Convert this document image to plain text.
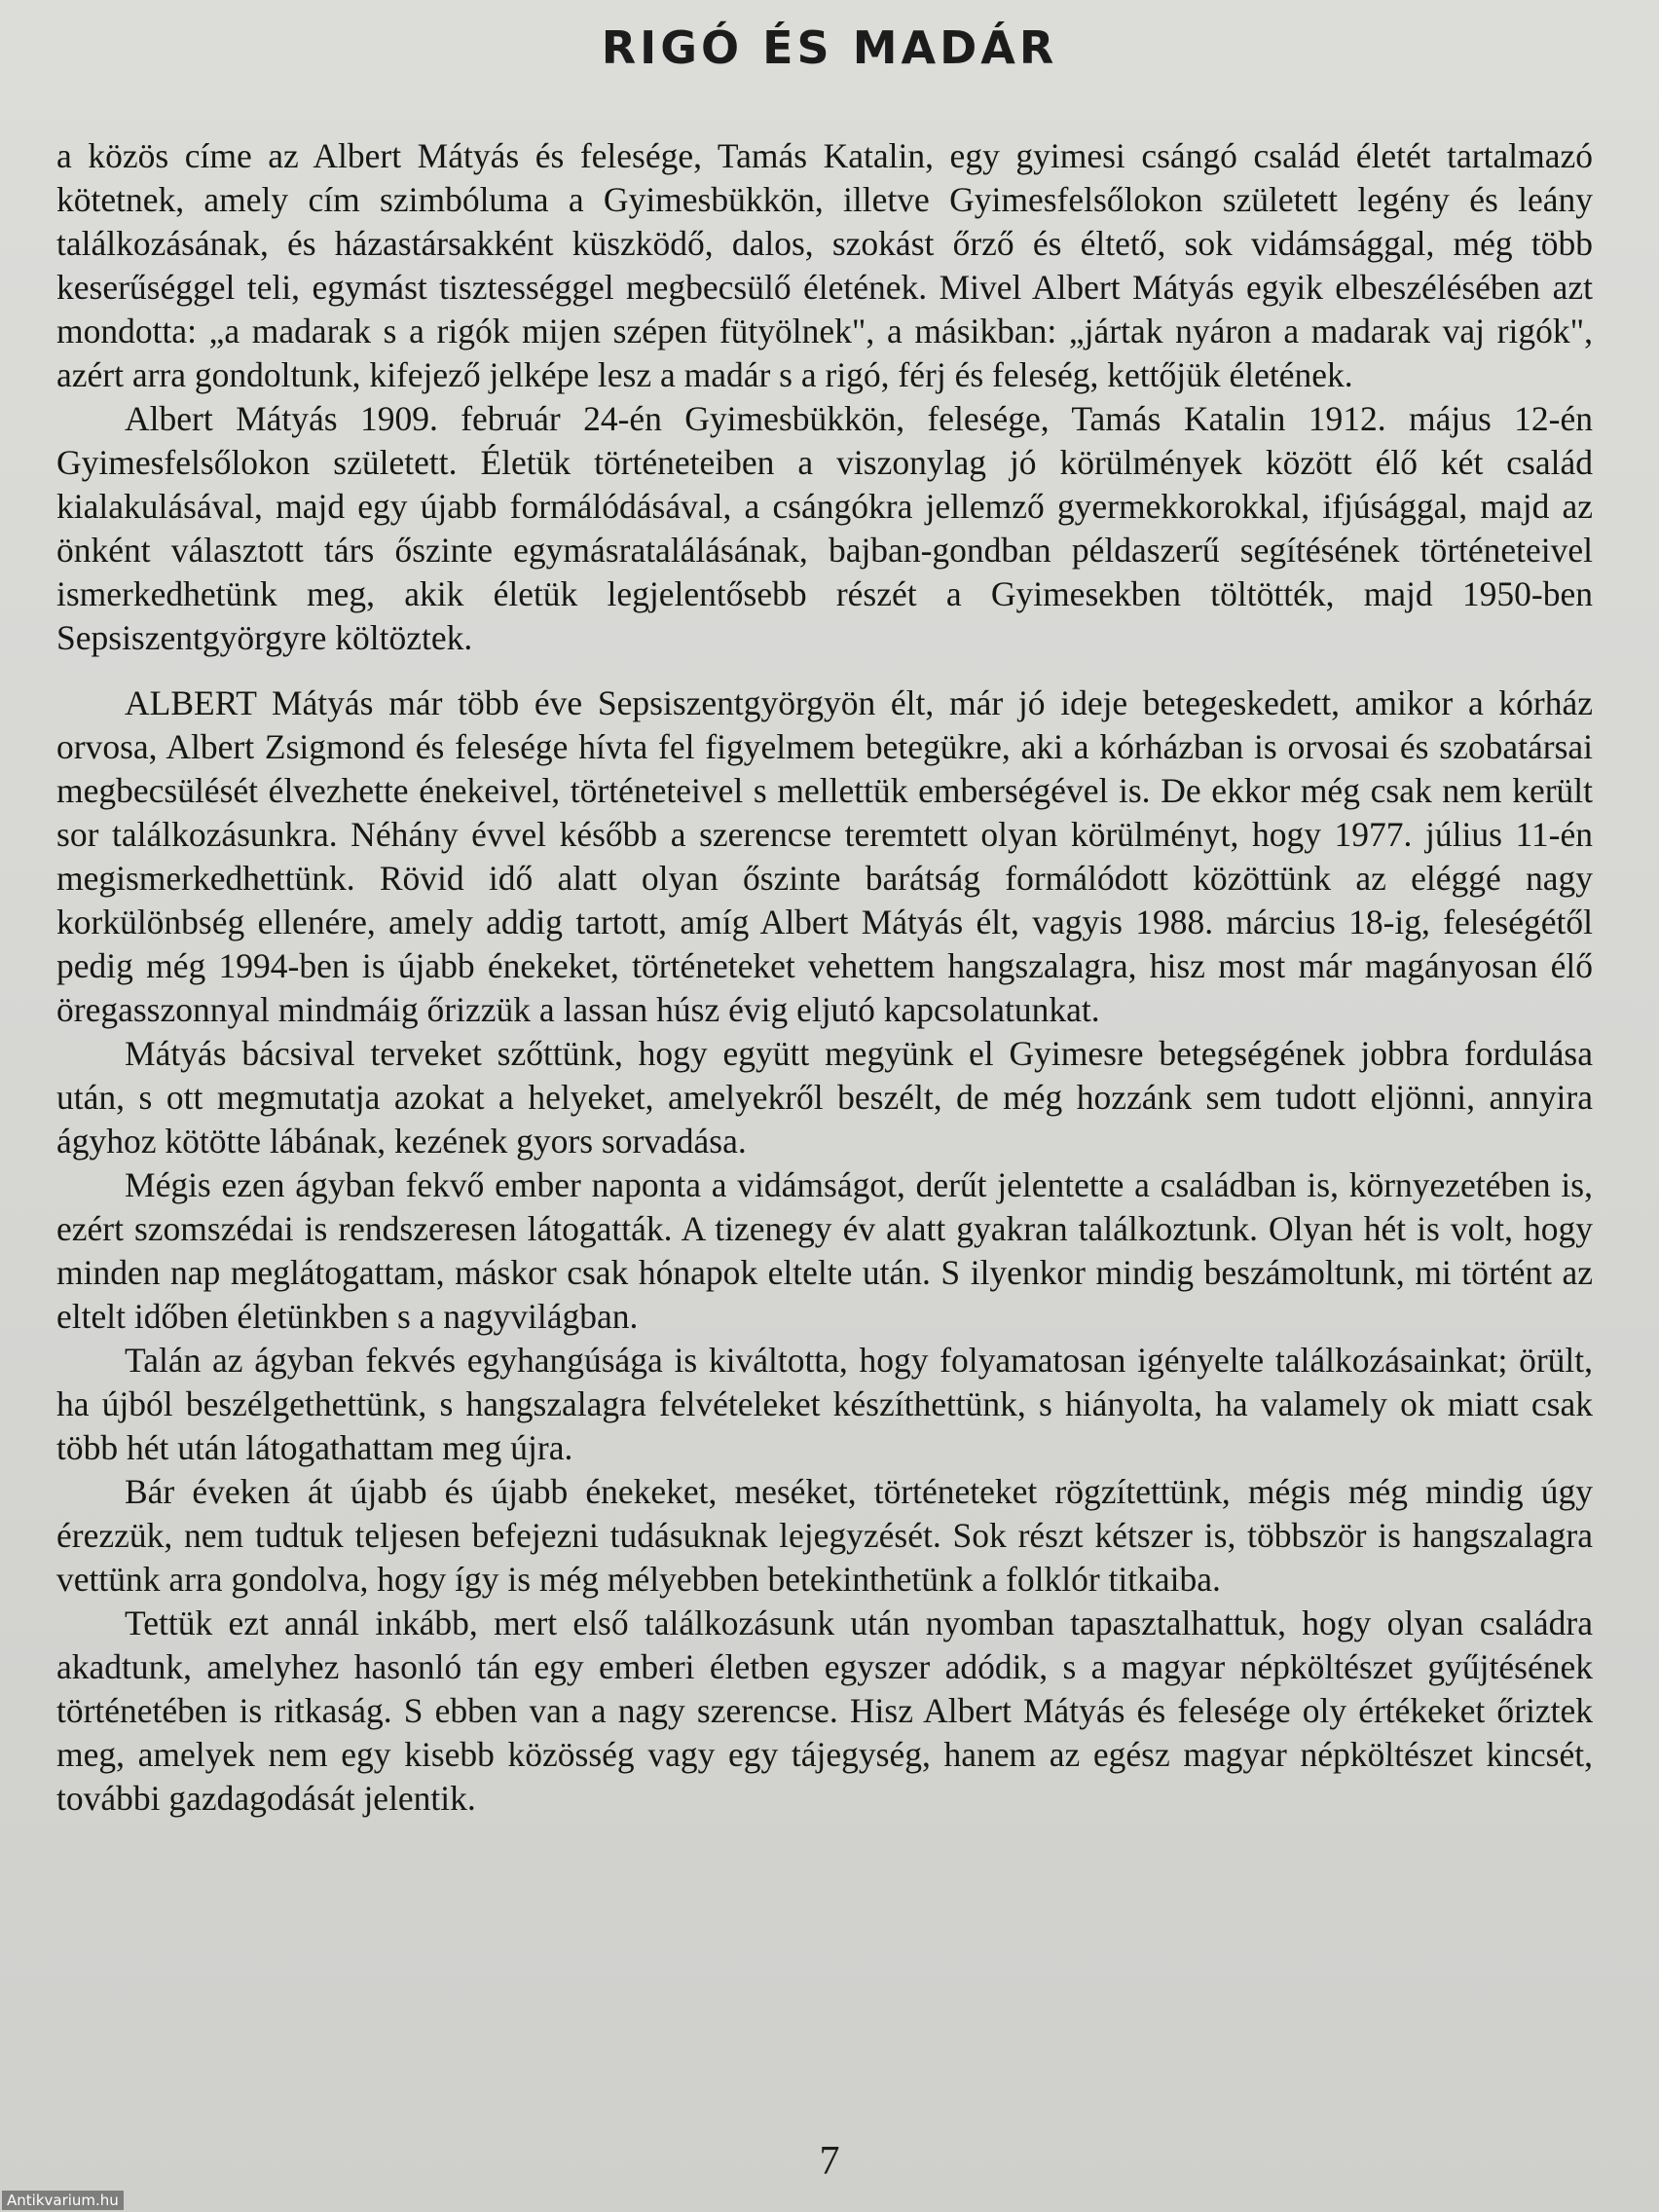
RIGÓ ÉS MADÁR

a közös címe az Albert Mátyás és felesége, Tamás Katalin, egy gyimesi csángó család életét tartalmazó kötetnek, amely cím szimbóluma a Gyimesbükkön, illetve Gyimesfelsőlokon született legény és leány találkozásának, és házastársakként küszködő, dalos, szokást őrző és éltető, sok vidámsággal, még több keserűséggel teli, egymást tisztességgel megbecsülő életének. Mivel Albert Mátyás egyik elbeszélésében azt mondotta: „a madarak s a rigók mijen szépen fütyölnek", a másikban: „jártak nyáron a madarak vaj rigók", azért arra gondoltunk, kifejező jelképe lesz a madár s a rigó, férj és feleség, kettőjük életének.

Albert Mátyás 1909. február 24-én Gyimesbükkön, felesége, Tamás Katalin 1912. május 12-én Gyimesfelsőlokon született. Életük történeteiben a viszonylag jó körülmények között élő két család kialakulásával, majd egy újabb formálódásával, a csángókra jellemző gyermekkorokkal, ifjúsággal, majd az önként választott társ őszinte egymásratalálásának, bajban-gondban példaszerű segítésének történeteivel ismerkedhetünk meg, akik életük legjelentősebb részét a Gyimesekben töltötték, majd 1950-ben Sepsiszentgyörgyre költöztek.

ALBERT Mátyás már több éve Sepsiszentgyörgyön élt, már jó ideje betegeskedett, amikor a kórház orvosa, Albert Zsigmond és felesége hívta fel figyelmem betegükre, aki a kórházban is orvosai és szobatársai megbecsülését élvezhette énekeivel, történeteivel s mellettük emberségével is. De ekkor még csak nem került sor találkozásunkra. Néhány évvel később a szerencse teremtett olyan körülményt, hogy 1977. július 11-én megismerkedhettünk. Rövid idő alatt olyan őszinte barátság formálódott közöttünk az eléggé nagy korkülönbség ellenére, amely addig tartott, amíg Albert Mátyás élt, vagyis 1988. március 18-ig, feleségétől pedig még 1994-ben is újabb énekeket, történeteket vehettem hangszalagra, hisz most már magányosan élő öregasszonnyal mindmáig őrizzük a lassan húsz évig eljutó kapcsolatunkat.

Mátyás bácsival terveket szőttünk, hogy együtt megyünk el Gyimesre betegségének jobbra fordulása után, s ott megmutatja azokat a helyeket, amelyekről beszélt, de még hozzánk sem tudott eljönni, annyira ágyhoz kötötte lábának, kezének gyors sorvadása.

Mégis ezen ágyban fekvő ember naponta a vidámságot, derűt jelentette a családban is, környezetében is, ezért szomszédai is rendszeresen látogatták. A tizenegy év alatt gyakran találkoztunk. Olyan hét is volt, hogy minden nap meglátogattam, máskor csak hónapok eltelte után. S ilyenkor mindig beszámoltunk, mi történt az eltelt időben életünkben s a nagyvilágban.

Talán az ágyban fekvés egyhangúsága is kiváltotta, hogy folyamatosan igényelte találkozásainkat; örült, ha újból beszélgethettünk, s hangszalagra felvételeket készíthettünk, s hiányolta, ha valamely ok miatt csak több hét után látogathattam meg újra.

Bár éveken át újabb és újabb énekeket, meséket, történeteket rögzítettünk, mégis még mindig úgy érezzük, nem tudtuk teljesen befejezni tudásuknak lejegyzését. Sok részt kétszer is, többször is hangszalagra vettünk arra gondolva, hogy így is még mélyebben betekinthetünk a folklór titkaiba.

Tettük ezt annál inkább, mert első találkozásunk után nyomban tapasztalhattuk, hogy olyan családra akadtunk, amelyhez hasonló tán egy emberi életben egyszer adódik, s a magyar népköltészet gyűjtésének történetében is ritkaság. S ebben van a nagy szerencse. Hisz Albert Mátyás és felesége oly értékeket őriztek meg, amelyek nem egy kisebb közösség vagy egy tájegység, hanem az egész magyar népköltészet kincsét, további gazdagodását jelentik.

7
Antikvarium.hu
